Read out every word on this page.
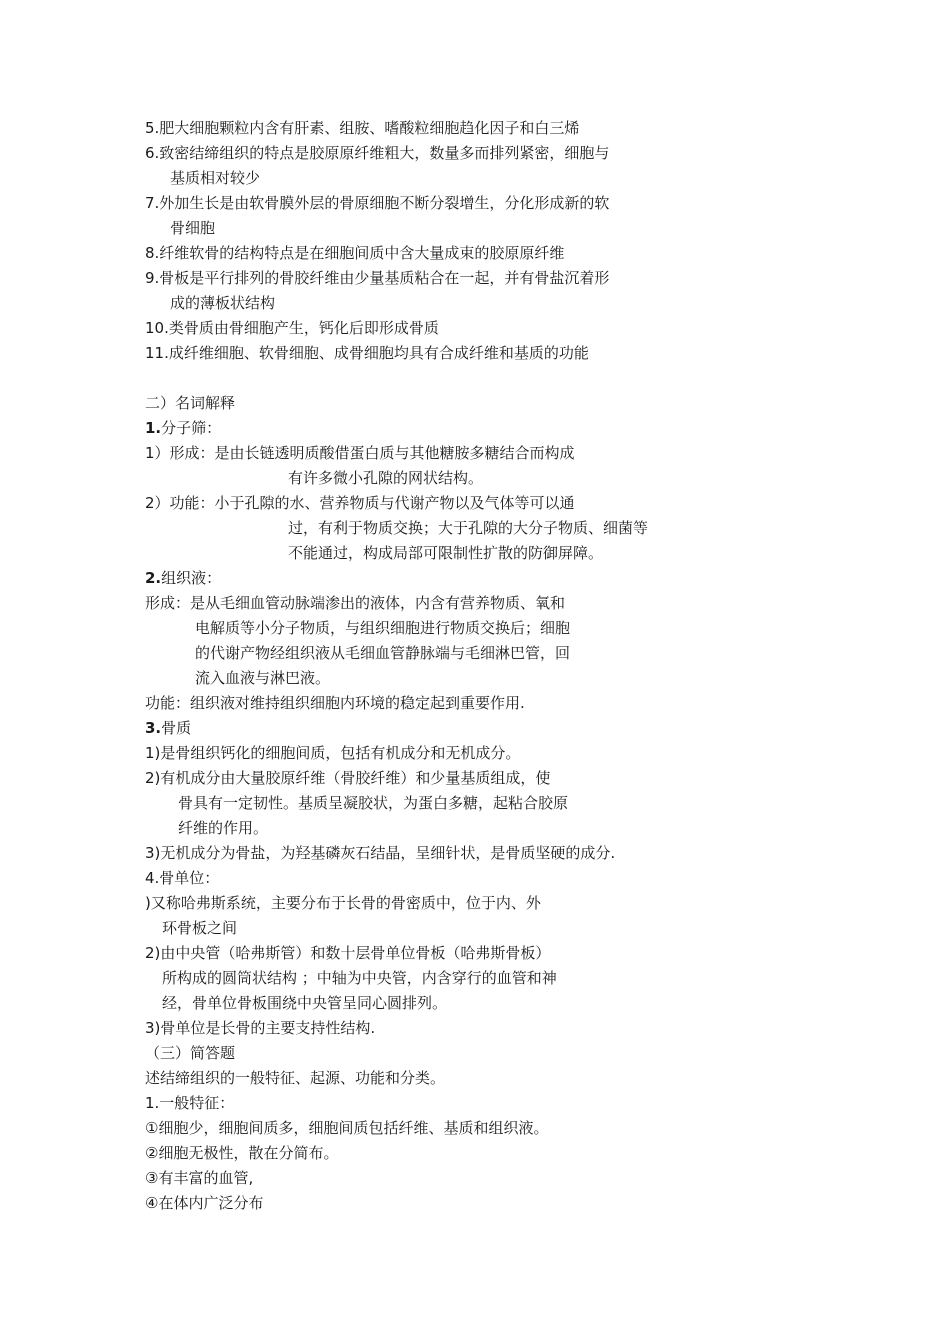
5.肥大细胞颗粒内含有肝素、组胺、嗜酸粒细胞趋化因子和白三烯
6.致密结缔组织的特点是胶原原纤维粗大，数量多而排列紧密，细胞与
基质相对较少
7.外加生长是由软骨膜外层的骨原细胞不断分裂增生，分化形成新的软
骨细胞
8.纤维软骨的结构特点是在细胞间质中含大量成束的胶原原纤维
9.骨板是平行排列的骨胶纤维由少量基质粘合在一起，并有骨盐沉着形
成的薄板状结构
10.类骨质由骨细胞产生，钙化后即形成骨质
11.成纤维细胞、软骨细胞、成骨细胞均具有合成纤维和基质的功能
二）名词解释
1.分子筛：
1）形成：是由长链透明质酸借蛋白质与其他糖胺多糖结合而构成
有许多微小孔隙的网状结构。
2）功能：小于孔隙的水、营养物质与代谢产物以及气体等可以通
过，有利于物质交换；大于孔隙的大分子物质、细菌等
不能通过，构成局部可限制性扩散的防御屏障。
2.组织液：
形成：是从毛细血管动脉端渗出的液体，内含有营养物质、氧和
电解质等小分子物质，与组织细胞进行物质交换后；细胞
的代谢产物经组织液从毛细血管静脉端与毛细淋巴管，回
流入血液与淋巴液。
功能：组织液对维持组织细胞内环境的稳定起到重要作用.
3.骨质
1)是骨组织钙化的细胞间质，包括有机成分和无机成分。
2)有机成分由大量胶原纤维（骨胶纤维）和少量基质组成，使
骨具有一定韧性。基质呈凝胶状，为蛋白多糖，起粘合胶原
纤维的作用。
3)无机成分为骨盐，为羟基磷灰石结晶，呈细针状，是骨质坚硬的成分.
4.骨单位：
)又称哈弗斯系统，主要分布于长骨的骨密质中，位于内、外
环骨板之间
2)由中央管（哈弗斯管）和数十层骨单位骨板（哈弗斯骨板）
所构成的圆筒状结构 ；中轴为中央管，内含穿行的血管和神
经，骨单位骨板围绕中央管呈同心圆排列。
3)骨单位是长骨的主要支持性结构.
（三）简答题
述结缔组织的一般特征、起源、功能和分类。
1.一般特征：
①细胞少，细胞间质多，细胞间质包括纤维、基质和组织液。
②细胞无极性，散在分简布。
③有丰富的血管,
④在体内广泛分布
